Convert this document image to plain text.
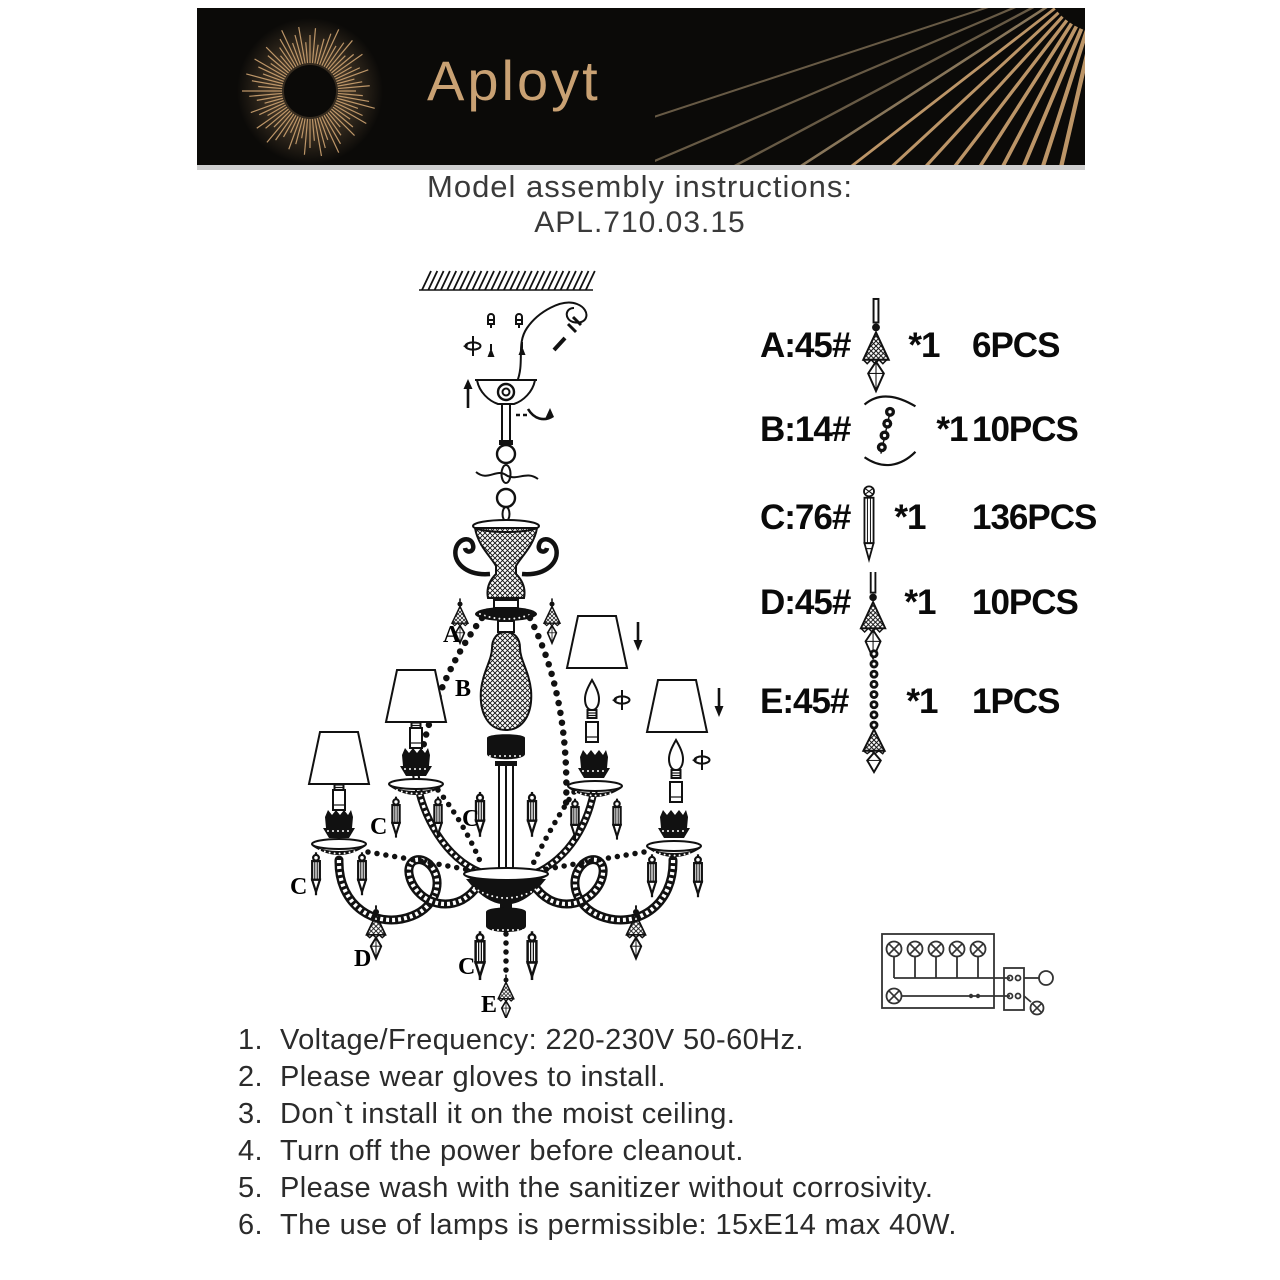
Aployt
Model assembly instructions:
APL.710.03.15
A
B
C	C
C
C
D
E
A:45# *1 6PCS
B:14# *1 10PCS
C:76# *1 136PCS
D:45# *1 10PCS
E:45# *1 1PCS
1. Voltage/Frequency: 220-230V 50-60Hz.
2. Please wear gloves to install.
3. Don`t install it on the moist ceiling.
4. Turn off the power before cleanout.
5. Please wash with the sanitizer without corrosivity.
6. The use of lamps is permissible: 15xE14 max 40W.
